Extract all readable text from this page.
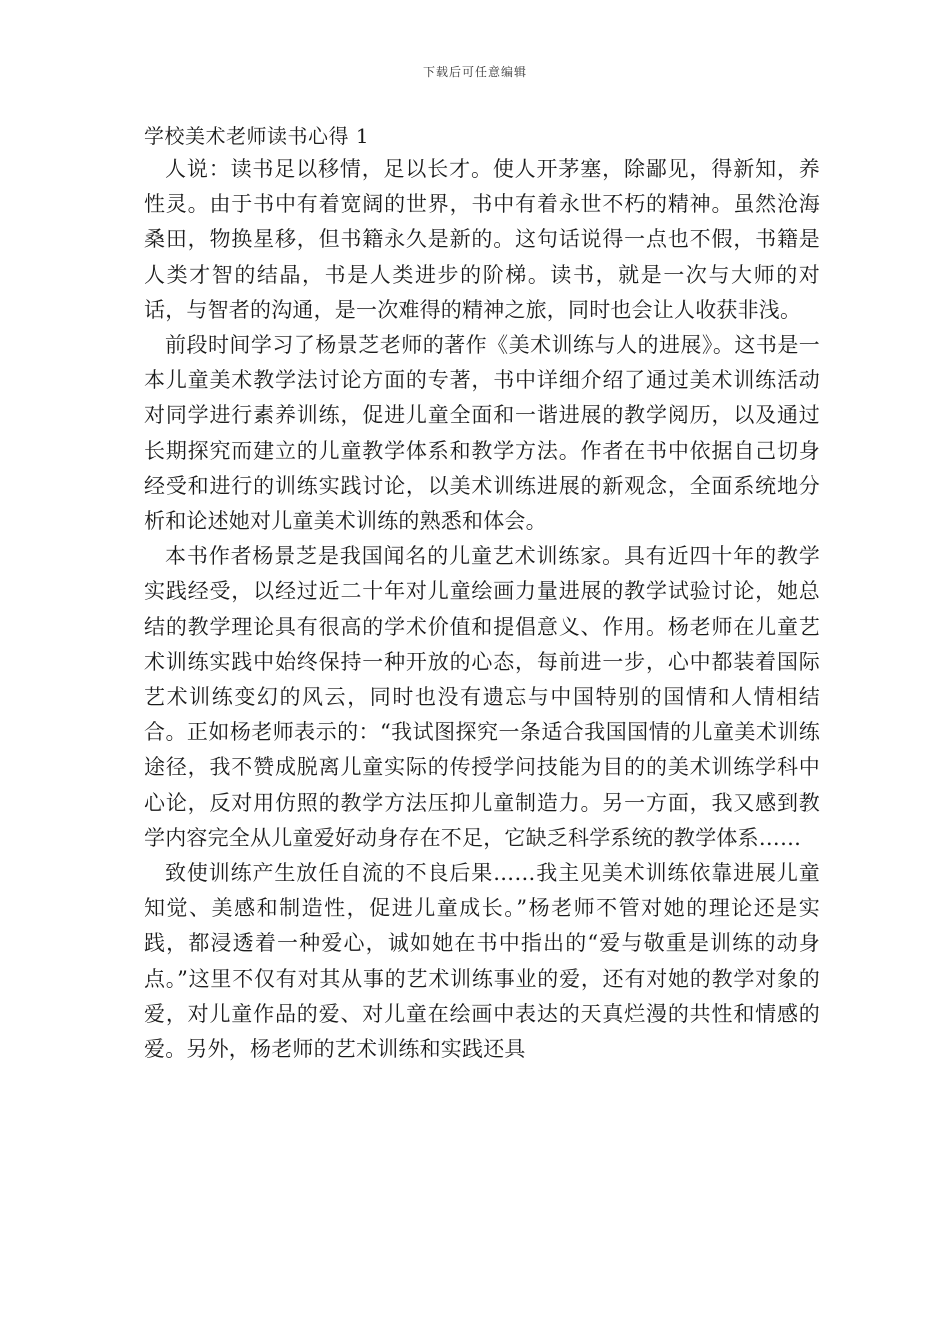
下载后可任意编辑

学校美术老师读书心得 1

人说：读书足以移情，足以长才。使人开茅塞，除鄙见，得新知，养性灵。由于书中有着宽阔的世界，书中有着永世不朽的精神。虽然沧海桑田，物换星移，但书籍永久是新的。这句话说得一点也不假，书籍是人类才智的结晶，书是人类进步的阶梯。读书，就是一次与大师的对话，与智者的沟通，是一次难得的精神之旅，同时也会让人收获非浅。

前段时间学习了杨景芝老师的著作《美术训练与人的进展》。这书是一本儿童美术教学法讨论方面的专著，书中详细介绍了通过美术训练活动对同学进行素养训练，促进儿童全面和一谐进展的教学阅历，以及通过长期探究而建立的儿童教学体系和教学方法。作者在书中依据自己切身经受和进行的训练实践讨论，以美术训练进展的新观念，全面系统地分析和论述她对儿童美术训练的熟悉和体会。

本书作者杨景芝是我国闻名的儿童艺术训练家。具有近四十年的教学实践经受，以经过近二十年对儿童绘画力量进展的教学试验讨论，她总结的教学理论具有很高的学术价值和提倡意义、作用。杨老师在儿童艺术训练实践中始终保持一种开放的心态，每前进一步，心中都装着国际艺术训练变幻的风云，同时也没有遗忘与中国特别的国情和人情相结合。正如杨老师表示的：“我试图探究一条适合我国国情的儿童美术训练途径，我不赞成脱离儿童实际的传授学问技能为目的的美术训练学科中心论，反对用仿照的教学方法压抑儿童制造力。另一方面，我又感到教学内容完全从儿童爱好动身存在不足，它缺乏科学系统的教学体系……

致使训练产生放任自流的不良后果……我主见美术训练依靠进展儿童知觉、美感和制造性，促进儿童成长。”杨老师不管对她的理论还是实践，都浸透着一种爱心，诚如她在书中指出的“爱与敬重是训练的动身点。”这里不仅有对其从事的艺术训练事业的爱，还有对她的教学对象的爱，对儿童作品的爱、对儿童在绘画中表达的天真烂漫的共性和情感的爱。另外，杨老师的艺术训练和实践还具
